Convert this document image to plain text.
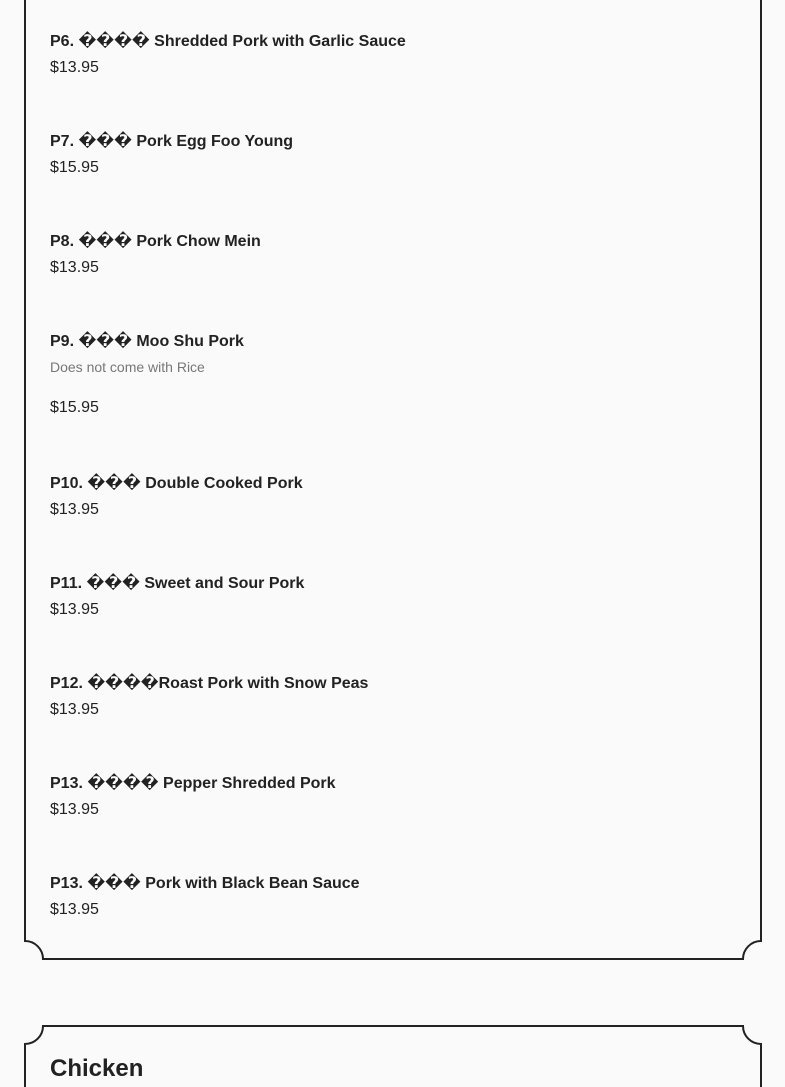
P6. ���� Shredded Pork with Garlic Sauce
$13.95
P7. ��� Pork Egg Foo Young
$15.95
P8. ��� Pork Chow Mein
$13.95
P9. ��� Moo Shu Pork
Does not come with Rice
$15.95
P10. ��� Double Cooked Pork
$13.95
P11. ��� Sweet and Sour Pork
$13.95
P12. ����Roast Pork with Snow Peas
$13.95
P13. ���� Pepper Shredded Pork
$13.95
P13. ��� Pork with Black Bean Sauce
$13.95
Chicken
